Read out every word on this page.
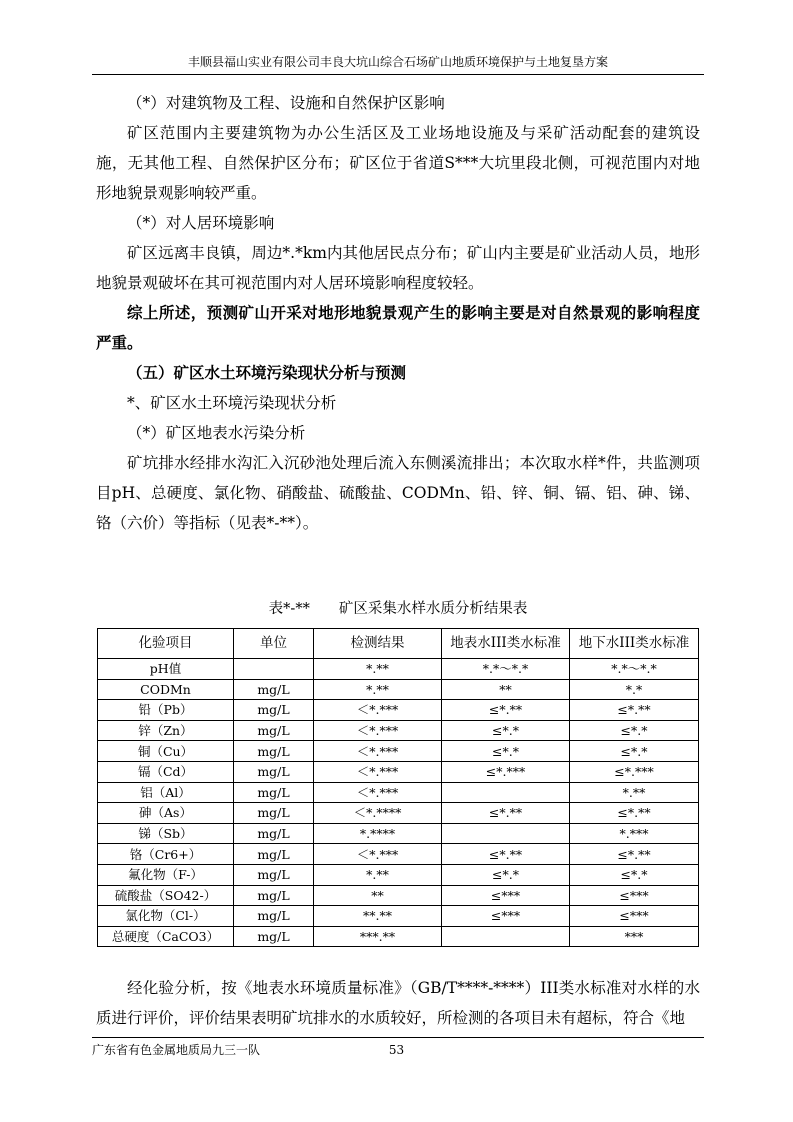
丰顺县福山实业有限公司丰良大坑山综合石场矿山地质环境保护与土地复垦方案

（*）对建筑物及工程、设施和自然保护区影响

矿区范围内主要建筑物为办公生活区及工业场地设施及与采矿活动配套的建筑设施，无其他工程、自然保护区分布；矿区位于省道S***大坑里段北侧，可视范围内对地形地貌景观影响较严重。

（*）对人居环境影响

矿区远离丰良镇，周边*.*km内其他居民点分布；矿山内主要是矿业活动人员，地形地貌景观破坏在其可视范围内对人居环境影响程度较轻。

综上所述，预测矿山开采对地形地貌景观产生的影响主要是对自然景观的影响程度严重。

（五）矿区水土环境污染现状分析与预测

*、矿区水土环境污染现状分析

（*）矿区地表水污染分析

矿坑排水经排水沟汇入沉砂池处理后流入东侧溪流排出；本次取水样*件，共监测项目pH、总硬度、氯化物、硝酸盐、硫酸盐、CODMn、铅、锌、铜、镉、铝、砷、锑、铬（六价）等指标（见表*-**）。

表*-**　　矿区采集水样水质分析结果表

化验项目	单位	检测结果	地表水III类水标准	地下水III类水标准
pH值		*.**	*.*～*.*	*.*～*.*
CODMn	mg/L	*.**	**	*.*
铅（Pb）	mg/L	＜*.***	≤*.**	≤*.**
锌（Zn）	mg/L	＜*.***	≤*.*	≤*.*
铜（Cu）	mg/L	＜*.***	≤*.*	≤*.*
镉（Cd）	mg/L	＜*.***	≤*.***	≤*.***
铝（Al）	mg/L	＜*.***		*.**
砷（As）	mg/L	＜*.****	≤*.**	≤*.**
锑（Sb）	mg/L	*.****		*.***
铬（Cr6+）	mg/L	＜*.***	≤*.**	≤*.**
氟化物（F-）	mg/L	*.**	≤*.*	≤*.*
硫酸盐（SO42-）	mg/L	**	≤***	≤***
氯化物（Cl-）	mg/L	**.**	≤***	≤***
总硬度（CaCO3）	mg/L	***.**		***

经化验分析，按《地表水环境质量标准》（GB/T****-****）III类水标准对水样的水质进行评价，评价结果表明矿坑排水的水质较好，所检测的各项目未有超标，符合《地

广东省有色金属地质局九三一队	53
